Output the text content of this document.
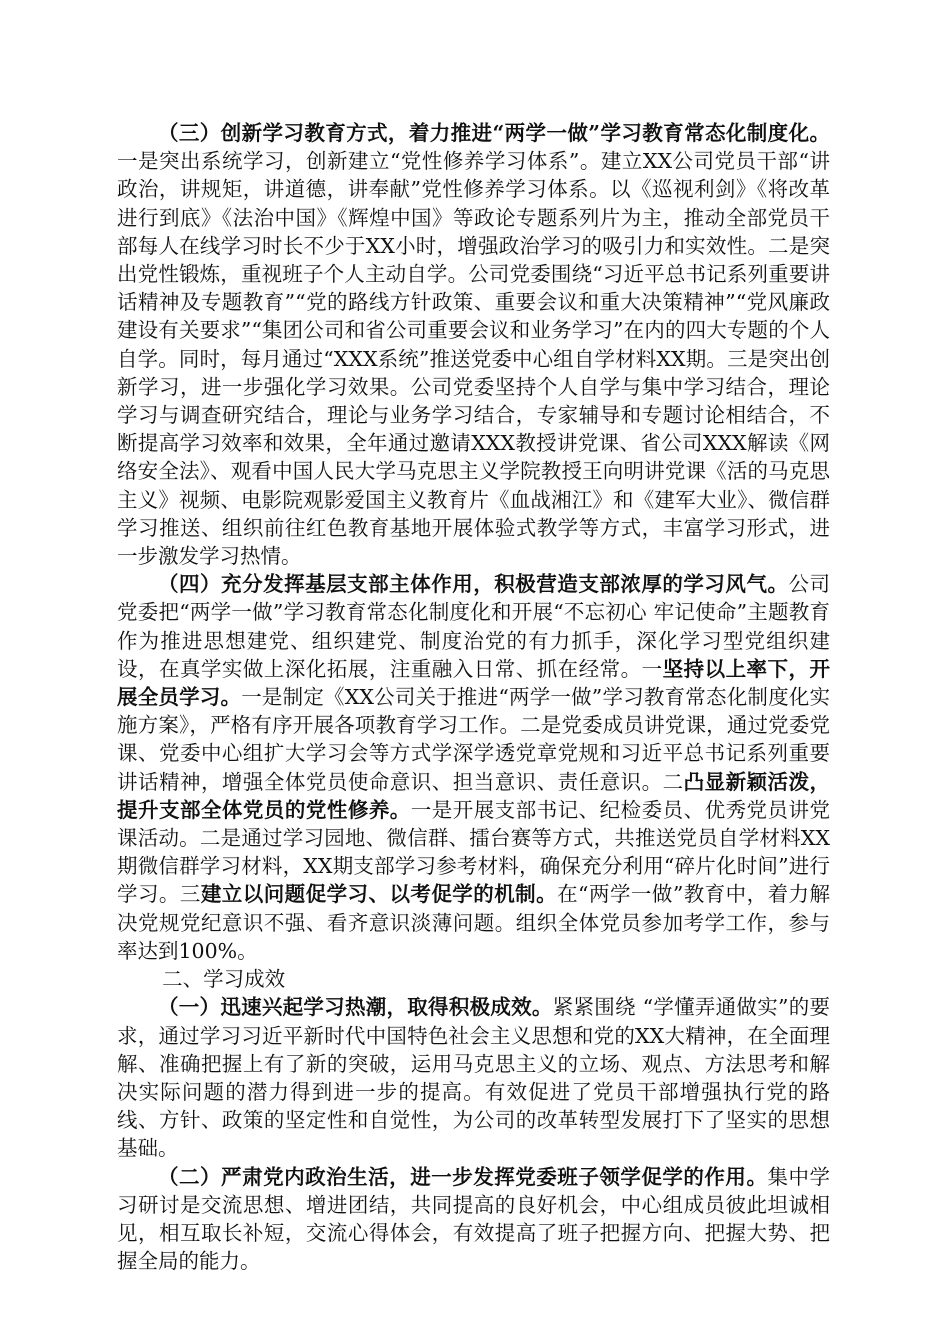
（三）创新学习教育方式，着力推进“两学一做”学习教育常态化制度化。一是突出系统学习，创新建立“党性修养学习体系”。建立XX公司党员干部“讲政治，讲规矩，讲道德，讲奉献”党性修养学习体系。以《巡视利剑》《将改革进行到底》《法治中国》《辉煌中国》等政论专题系列片为主，推动全部党员干部每人在线学习时长不少于XX小时，增强政治学习的吸引力和实效性。二是突出党性锻炼，重视班子个人主动自学。公司党委围绕“习近平总书记系列重要讲话精神及专题教育”“党的路线方针政策、重要会议和重大决策精神”“党风廉政建设有关要求”“集团公司和省公司重要会议和业务学习”在内的四大专题的个人自学。同时，每月通过“XXX系统”推送党委中心组自学材料XX期。三是突出创新学习，进一步强化学习效果。公司党委坚持个人自学与集中学习结合，理论学习与调查研究结合，理论与业务学习结合，专家辅导和专题讨论相结合，不断提高学习效率和效果，全年通过邀请XXX教授讲党课、省公司XXX解读《网络安全法》、观看中国人民大学马克思主义学院教授王向明讲党课《活的马克思主义》视频、电影院观影爱国主义教育片《血战湘江》和《建军大业》、微信群学习推送、组织前往红色教育基地开展体验式教学等方式，丰富学习形式，进一步激发学习热情。

（四）充分发挥基层支部主体作用，积极营造支部浓厚的学习风气。公司党委把“两学一做”学习教育常态化制度化和开展“不忘初心 牢记使命”主题教育作为推进思想建党、组织建党、制度治党的有力抓手，深化学习型党组织建设，在真学实做上深化拓展，注重融入日常、抓在经常。一坚持以上率下，开展全员学习。一是制定《XX公司关于推进“两学一做”学习教育常态化制度化实施方案》，严格有序开展各项教育学习工作。二是党委成员讲党课，通过党委党课、党委中心组扩大学习会等方式学深学透党章党规和习近平总书记系列重要讲话精神，增强全体党员使命意识、担当意识、责任意识。二凸显新颖活泼，提升支部全体党员的党性修养。一是开展支部书记、纪检委员、优秀党员讲党课活动。二是通过学习园地、微信群、擂台赛等方式，共推送党员自学材料XX期微信群学习材料，XX期支部学习参考材料，确保充分利用“碎片化时间”进行学习。三建立以问题促学习、以考促学的机制。在“两学一做”教育中，着力解决党规党纪意识不强、看齐意识淡薄问题。组织全体党员参加考学工作，参与率达到100%。

二、学习成效

（一）迅速兴起学习热潮，取得积极成效。紧紧围绕 “学懂弄通做实”的要求，通过学习习近平新时代中国特色社会主义思想和党的XX大精神，在全面理解、准确把握上有了新的突破，运用马克思主义的立场、观点、方法思考和解决实际问题的潜力得到进一步的提高。有效促进了党员干部增强执行党的路线、方针、政策的坚定性和自觉性，为公司的改革转型发展打下了坚实的思想基础。

（二）严肃党内政治生活，进一步发挥党委班子领学促学的作用。集中学习研讨是交流思想、增进团结，共同提高的良好机会，中心组成员彼此坦诚相见，相互取长补短，交流心得体会，有效提高了班子把握方向、把握大势、把握全局的能力。
